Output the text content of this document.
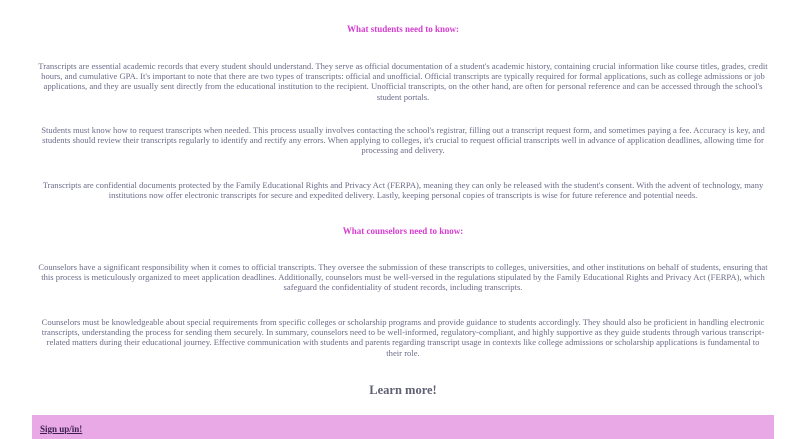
What students need to know:

Transcripts are essential academic records that every student should understand. They serve as official documentation of a student's academic history, containing crucial information like course titles, grades, credit hours, and cumulative GPA. It's important to note that there are two types of transcripts: official and unofficial. Official transcripts are typically required for formal applications, such as college admissions or job applications, and they are usually sent directly from the educational institution to the recipient. Unofficial transcripts, on the other hand, are often for personal reference and can be accessed through the school's student portals.

Students must know how to request transcripts when needed. This process usually involves contacting the school's registrar, filling out a transcript request form, and sometimes paying a fee. Accuracy is key, and students should review their transcripts regularly to identify and rectify any errors. When applying to colleges, it's crucial to request official transcripts well in advance of application deadlines, allowing time for processing and delivery.

Transcripts are confidential documents protected by the Family Educational Rights and Privacy Act (FERPA), meaning they can only be released with the student's consent. With the advent of technology, many institutions now offer electronic transcripts for secure and expedited delivery. Lastly, keeping personal copies of transcripts is wise for future reference and potential needs.

What counselors need to know:

Counselors have a significant responsibility when it comes to official transcripts. They oversee the submission of these transcripts to colleges, universities, and other institutions on behalf of students, ensuring that this process is meticulously organized to meet application deadlines. Additionally, counselors must be well-versed in the regulations stipulated by the Family Educational Rights and Privacy Act (FERPA), which safeguard the confidentiality of student records, including transcripts.

Counselors must be knowledgeable about special requirements from specific colleges or scholarship programs and provide guidance to students accordingly. They should also be proficient in handling electronic transcripts, understanding the process for sending them securely. In summary, counselors need to be well-informed, regulatory-compliant, and highly supportive as they guide students through various transcript-related matters during their educational journey. Effective communication with students and parents regarding transcript usage in contexts like college admissions or scholarship applications is fundamental to their role.

Learn more!
Sign up/in!
